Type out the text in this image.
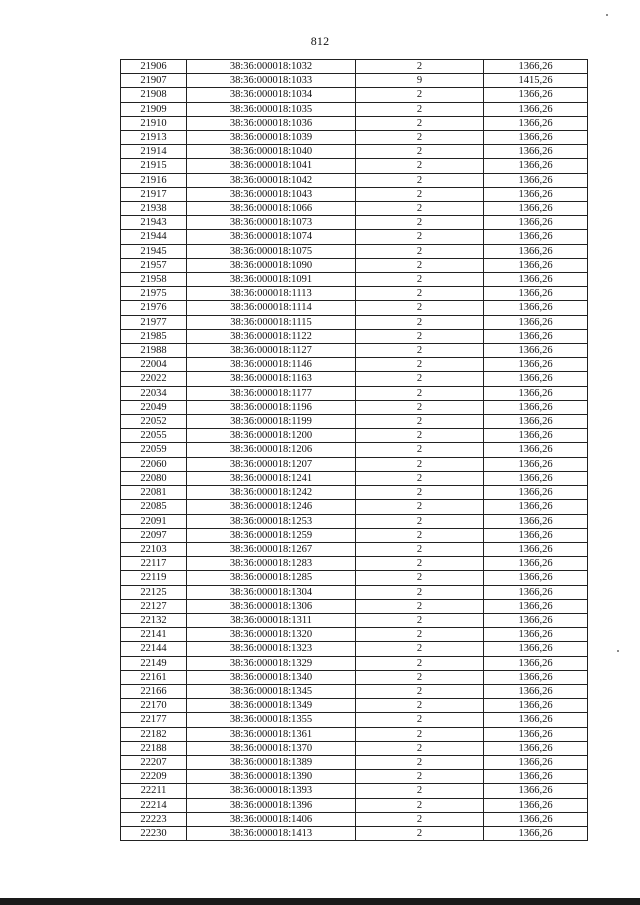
812
21906	38:36:000018:1032	2	1366,26
21907	38:36:000018:1033	9	1415,26
21908	38:36:000018:1034	2	1366,26
21909	38:36:000018:1035	2	1366,26
21910	38:36:000018:1036	2	1366,26
21913	38:36:000018:1039	2	1366,26
21914	38:36:000018:1040	2	1366,26
21915	38:36:000018:1041	2	1366,26
21916	38:36:000018:1042	2	1366,26
21917	38:36:000018:1043	2	1366,26
21938	38:36:000018:1066	2	1366,26
21943	38:36:000018:1073	2	1366,26
21944	38:36:000018:1074	2	1366,26
21945	38:36:000018:1075	2	1366,26
21957	38:36:000018:1090	2	1366,26
21958	38:36:000018:1091	2	1366,26
21975	38:36:000018:1113	2	1366,26
21976	38:36:000018:1114	2	1366,26
21977	38:36:000018:1115	2	1366,26
21985	38:36:000018:1122	2	1366,26
21988	38:36:000018:1127	2	1366,26
22004	38:36:000018:1146	2	1366,26
22022	38:36:000018:1163	2	1366,26
22034	38:36:000018:1177	2	1366,26
22049	38:36:000018:1196	2	1366,26
22052	38:36:000018:1199	2	1366,26
22055	38:36:000018:1200	2	1366,26
22059	38:36:000018:1206	2	1366,26
22060	38:36:000018:1207	2	1366,26
22080	38:36:000018:1241	2	1366,26
22081	38:36:000018:1242	2	1366,26
22085	38:36:000018:1246	2	1366,26
22091	38:36:000018:1253	2	1366,26
22097	38:36:000018:1259	2	1366,26
22103	38:36:000018:1267	2	1366,26
22117	38:36:000018:1283	2	1366,26
22119	38:36:000018:1285	2	1366,26
22125	38:36:000018:1304	2	1366,26
22127	38:36:000018:1306	2	1366,26
22132	38:36:000018:1311	2	1366,26
22141	38:36:000018:1320	2	1366,26
22144	38:36:000018:1323	2	1366,26
22149	38:36:000018:1329	2	1366,26
22161	38:36:000018:1340	2	1366,26
22166	38:36:000018:1345	2	1366,26
22170	38:36:000018:1349	2	1366,26
22177	38:36:000018:1355	2	1366,26
22182	38:36:000018:1361	2	1366,26
22188	38:36:000018:1370	2	1366,26
22207	38:36:000018:1389	2	1366,26
22209	38:36:000018:1390	2	1366,26
22211	38:36:000018:1393	2	1366,26
22214	38:36:000018:1396	2	1366,26
22223	38:36:000018:1406	2	1366,26
22230	38:36:000018:1413	2	1366,26
